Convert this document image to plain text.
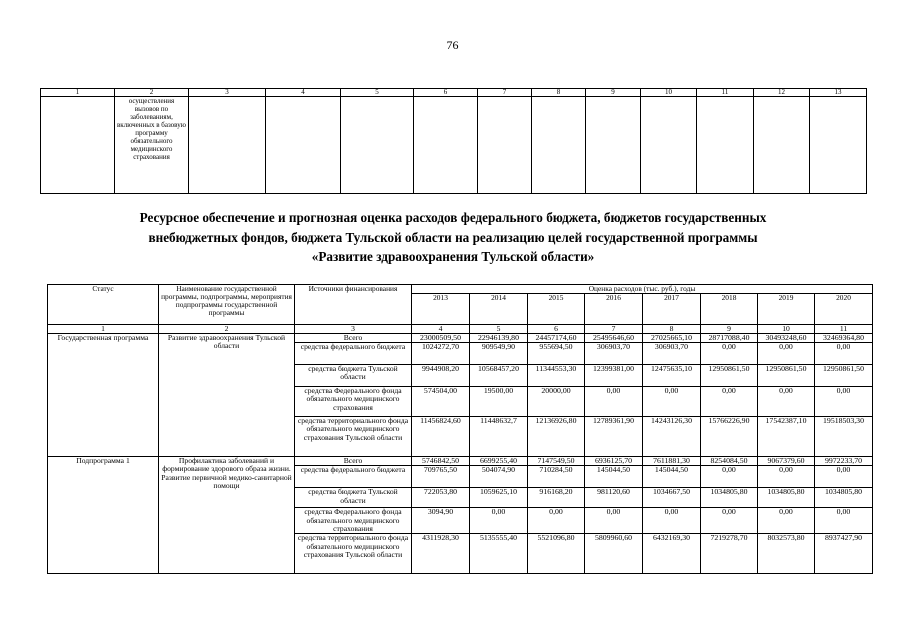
76
1	2	3	4	5	6	7	8	9	10	11	12	13
	осуществления вызовов по заболеваниям, включенных в базовую программу обязательного медицинского страхования											
Ресурсное обеспечение и прогнозная оценка расходов федерального бюджета, бюджетов государственных
внебюджетных фондов, бюджета Тульской области на реализацию целей государственной программы
«Развитие здравоохранения Тульской области»
Статус	Наименование государственной программы, подпрограммы, мероприятия подпрограммы государственной программы	Источники финансирования	Оценка расходов (тыс. руб.), годы							
			2013	2014	2015	2016	2017	2018	2019	2020
1	2	3	4	5	6	7	8	9	10	11
Государственная программа	Развитие здравоохранения Тульской области	Всего	23000509,50	22946139,80	24457174,60	25495646,60	27025665,10	28717088,40	30493248,60	32469364,80
		средства федерального бюджета	1024272,70	909549,90	955694,50	306903,70	306903,70	0,00	0,00	0,00
		средства бюджета Тульской области	9944908,20	10568457,20	11344553,30	12399381,00	12475635,10	12950861,50	12950861,50	12950861,50
		средства Федерального фонда обязательного медицинского страхования	574504,00	19500,00	20000,00	0,00	0,00	0,00	0,00	0,00
		средства территориального фонда обязательного медицинского страхования Тульской области	11456824,60	11448632,7	12136926,80	12789361,90	14243126,30	15766226,90	17542387,10	19518503,30
Подпрограмма 1	Профилактика заболеваний и формирование здорового образа жизни. Развитие первичной медико-санитарной помощи	Всего	5746842,50	6699255,40	7147549,50	6936125,70	7611881,30	8254084,50	9067379,60	9972233,70
		средства федерального бюджета	709765,50	504074,90	710284,50	145044,50	145044,50	0,00	0,00	0,00
		средства бюджета Тульской области	722053,80	1059625,10	916168,20	981120,60	1034667,50	1034805,80	1034805,80	1034805,80
		средства Федерального фонда обязательного медицинского страхования	3094,90	0,00	0,00	0,00	0,00	0,00	0,00	0,00
		средства территориального фонда обязательного медицинского страхования Тульской области	4311928,30	5135555,40	5521096,80	5809960,60	6432169,30	7219278,70	8032573,80	8937427,90
